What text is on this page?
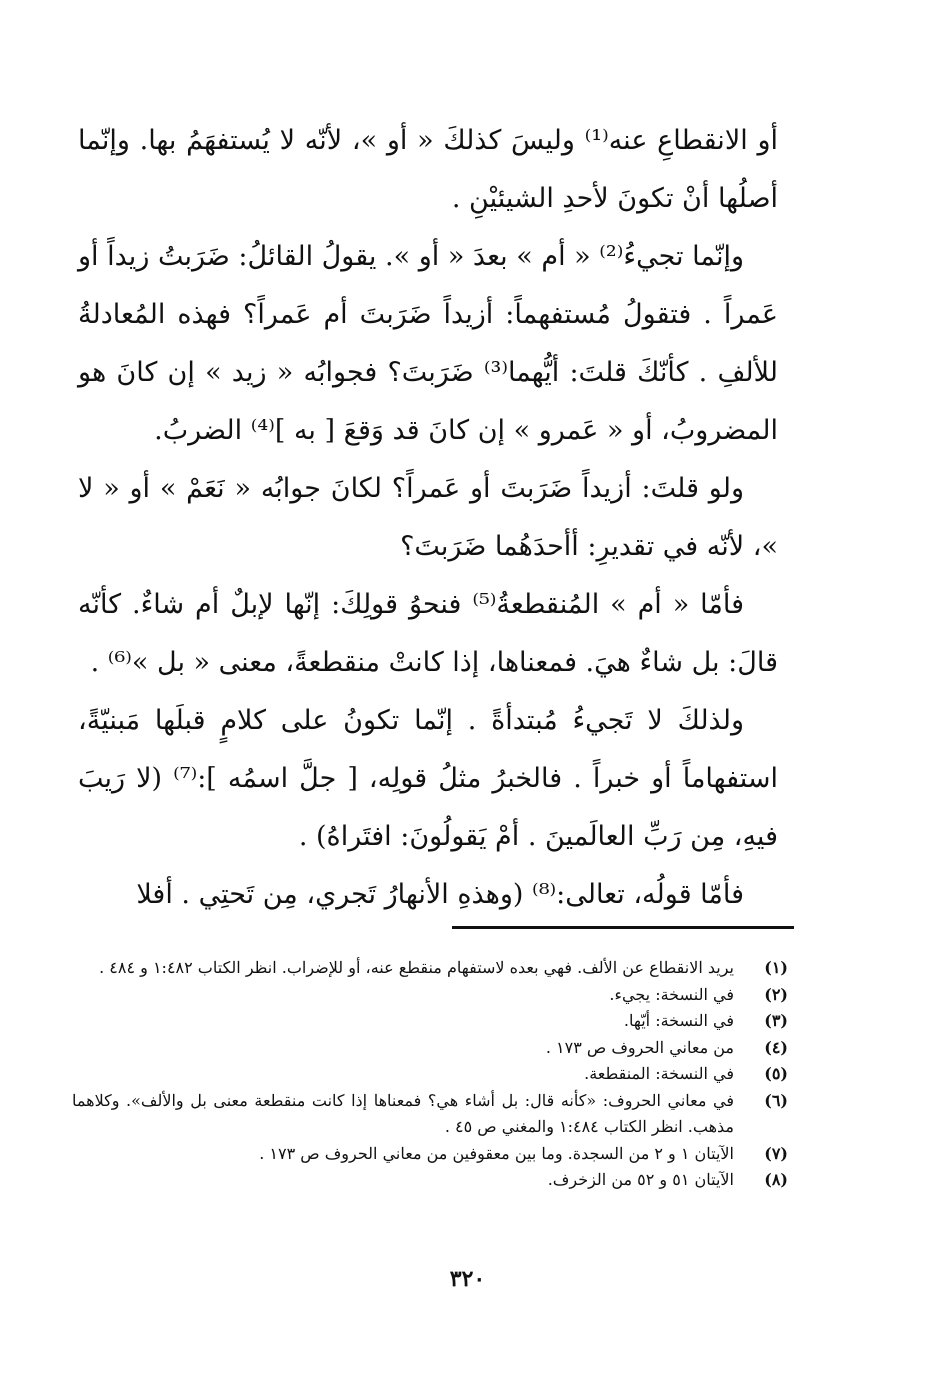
أو الانقطاعِ عنه⁽¹⁾ وليسَ كذلكَ « أو »، لأنّه لا يُستفهَمُ بها. وإنّما أصلُها أنْ تكونَ لأحدِ الشيئيْنِ .

وإنّما تجيءُ⁽²⁾ « أم » بعدَ « أو ». يقولُ القائلُ: ضَرَبتُ زيداً أو عَمراً . فتقولُ مُستفهماً: أزيداً ضَرَبتَ أم عَمراً؟ فهذه المُعادلةُ للألفِ . كأنّكَ قلتَ: أيُّهما⁽³⁾ ضَرَبتَ؟ فجوابُه « زيد » إن كانَ هو المضروبُ، أو « عَمرو » إن كانَ قد وَقعَ [ به ]⁽⁴⁾ الضربُ.

ولو قلتَ: أزيداً ضَرَبتَ أو عَمراً؟ لكانَ جوابُه « نَعَمْ » أو « لا »، لأنّه في تقديرِ: أأحدَهُما ضَرَبتَ؟

فأمّا « أم » المُنقطعةُ⁽⁵⁾ فنحوُ قولِكَ: إنّها لإبلٌ أم شاءٌ. كأنّه قالَ: بل شاءٌ هيَ. فمعناها، إذا كانتْ منقطعةً، معنى « بل »⁽⁶⁾ .

ولذلكَ لا تَجيءُ مُبتدأةً . إنّما تكونُ على كلامٍ قبلَها مَبنيّةً، استفهاماً أو خبراً . فالخبرُ مثلُ قولِه، [ جلَّ اسمُه ]:⁽⁷⁾ (لا رَيبَ فيهِ، مِن رَبِّ العالَمينَ . أمْ يَقولُونَ: افتَراهُ) .

فأمّا قولُه، تعالى:⁽⁸⁾ (وهذهِ الأنهارُ تَجري، مِن تَحتِي . أفلا

(١)
يريد الانقطاع عن الألف. فهي بعده لاستفهام منقطع عنه، أو للإضراب. انظر الكتاب ١:٤٨٢ و ٤٨٤ .
(٢)
في النسخة: يجيء.
(٣)
في النسخة: أيّها.
(٤)
من معاني الحروف ص ١٧٣ .
(٥)
في النسخة: المنقطعة.
(٦)
في معاني الحروف: «كأنه قال: بل أشاء هي؟ فمعناها إذا كانت منقطعة معنى بل والألف». وكلاهما مذهب. انظر الكتاب ١:٤٨٤ والمغني ص ٤٥ .
(٧)
الآيتان ١ و ٢ من السجدة. وما بين معقوفين من معاني الحروف ص ١٧٣ .
(٨)
الآيتان ٥١ و ٥٢ من الزخرف.
٣٢٠
